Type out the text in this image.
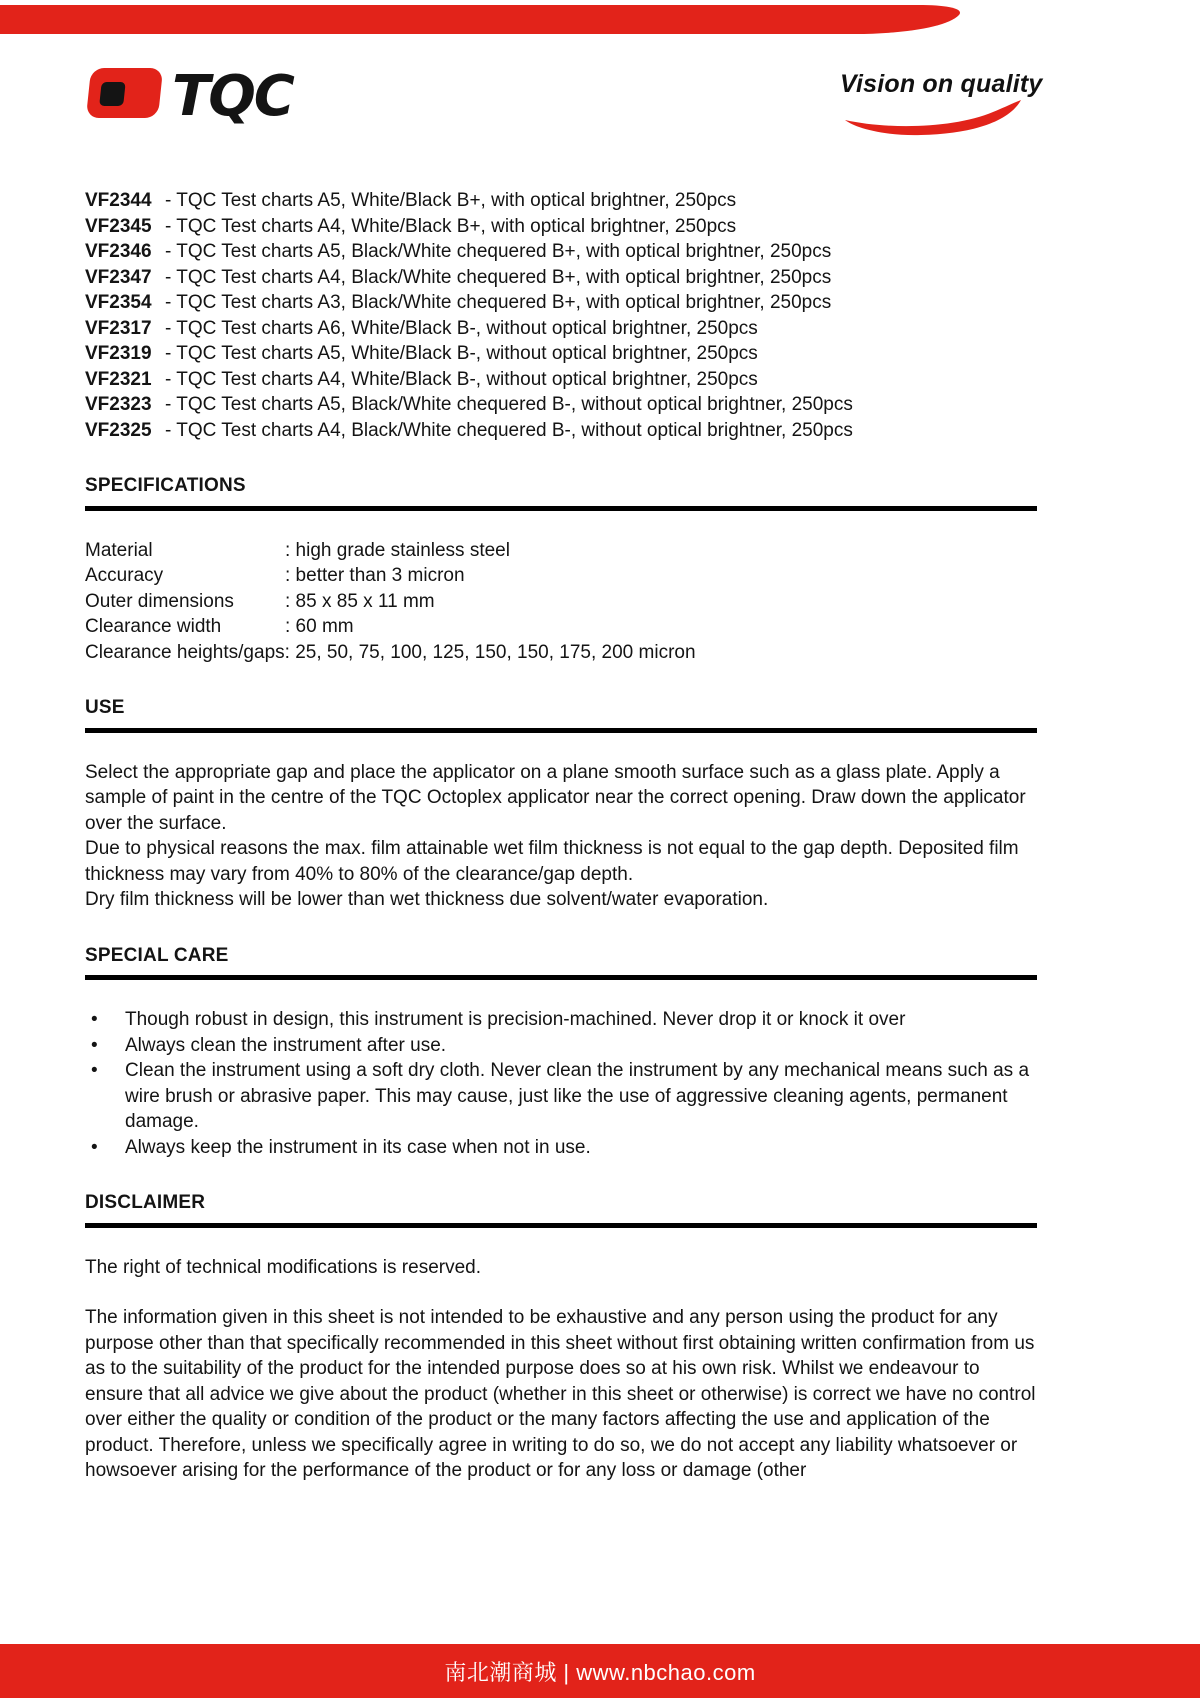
TQC	Vision on quality
VF2344 - TQC Test charts A5, White/Black B+, with optical brightner, 250pcs
VF2345 - TQC Test charts A4, White/Black B+, with optical brightner, 250pcs
VF2346 - TQC Test charts A5, Black/White chequered B+, with optical brightner, 250pcs
VF2347 - TQC Test charts A4, Black/White chequered B+, with optical brightner, 250pcs
VF2354 - TQC Test charts A3, Black/White chequered B+, with optical brightner, 250pcs
VF2317 - TQC Test charts A6, White/Black B-, without optical brightner, 250pcs
VF2319 - TQC Test charts A5, White/Black B-, without optical brightner, 250pcs
VF2321 - TQC Test charts A4, White/Black B-, without optical brightner, 250pcs
VF2323 - TQC Test charts A5, Black/White chequered B-, without optical brightner, 250pcs
VF2325 - TQC Test charts A4, Black/White chequered B-, without optical brightner, 250pcs
SPECIFICATIONS
Material	: high grade stainless steel
Accuracy	: better than 3 micron
Outer dimensions	: 85 x 85 x 11 mm
Clearance width	: 60 mm
Clearance heights/gaps: 25, 50, 75, 100, 125, 150, 150, 175, 200 micron
USE

Select the appropriate gap and place the applicator on a plane smooth surface such as a glass plate. Apply a sample of paint in the centre of the TQC Octoplex applicator near the correct opening. Draw down the applicator over the surface.

Due to physical reasons the max. film attainable wet film thickness is not equal to the gap depth. Deposited film thickness may vary from 40% to 80% of the clearance/gap depth.

Dry film thickness will be lower than wet thickness due solvent/water evaporation.

SPECIAL CARE
• Though robust in design, this instrument is precision-machined. Never drop it or knock it over
• Always clean the instrument after use.
• Clean the instrument using a soft dry cloth. Never clean the instrument by any mechanical means such as a wire brush or abrasive paper. This may cause, just like the use of aggressive cleaning agents, permanent damage.
• Always keep the instrument in its case when not in use.
DISCLAIMER

The right of technical modifications is reserved.

The information given in this sheet is not intended to be exhaustive and any person using the product for any purpose other than that specifically recommended in this sheet without first obtaining written confirmation from us as to the suitability of the product for the intended purpose does so at his own risk. Whilst we endeavour to ensure that all advice we give about the product (whether in this sheet or otherwise) is correct we have no control over either the quality or condition of the product or the many factors affecting the use and application of the product. Therefore, unless we specifically agree in writing to do so, we do not accept any liability whatsoever or howsoever arising for the performance of the product or for any loss or damage (other

南北潮商城 | www.nbchao.com
